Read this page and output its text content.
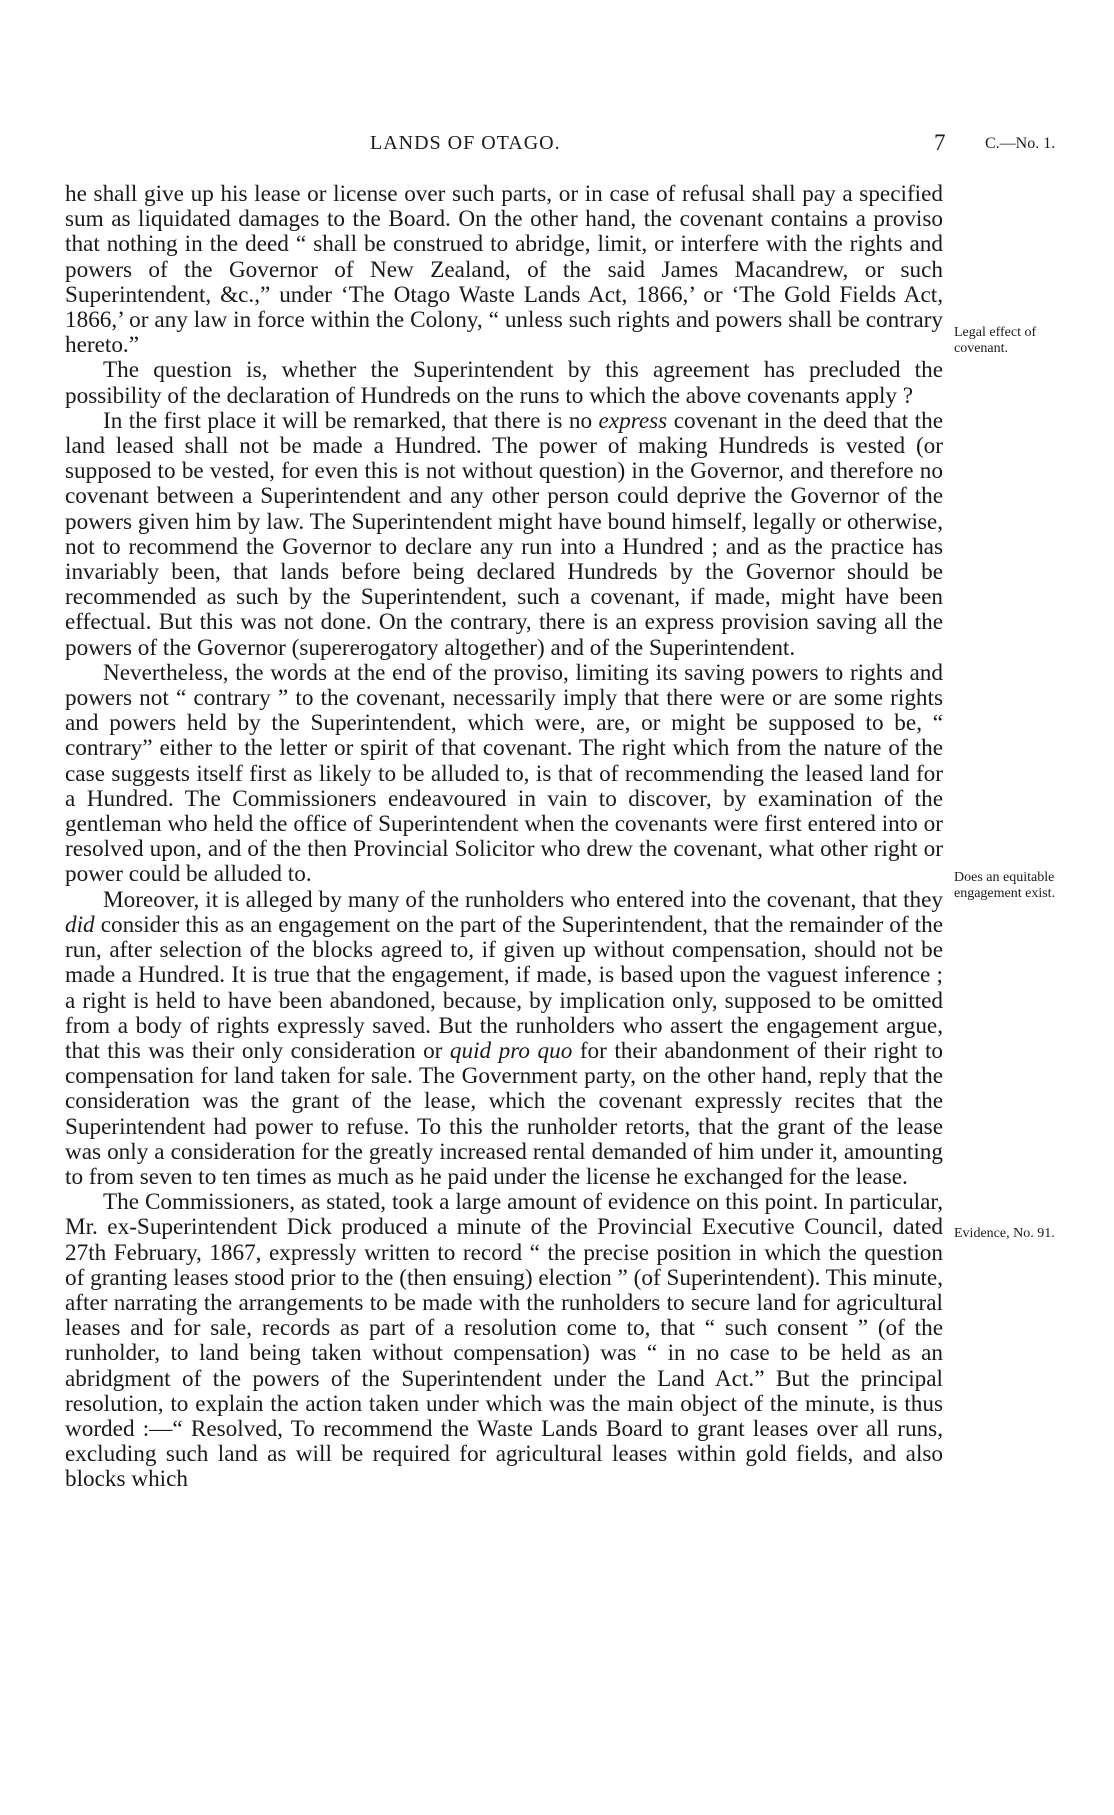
LANDS OF OTAGO.	7 C.—No. 1.

he shall give up his lease or license over such parts, or in case of refusal shall pay a specified sum as liquidated damages to the Board. On the other hand, the covenant contains a proviso that nothing in the deed “ shall be construed to abridge, limit, or interfere with the rights and powers of the Governor of New Zealand, of the said James Macandrew, or such Superintendent, &c.,” under ‘The Otago Waste Lands Act, 1866,’ or ‘The Gold Fields Act, 1866,’ or any law in force within the Colony, “ unless such rights and powers shall be contrary hereto.”

The question is, whether the Superintendent by this agreement has precluded the possibility of the declaration of Hundreds on the runs to which the above covenants apply ?

In the first place it will be remarked, that there is no express covenant in the deed that the land leased shall not be made a Hundred. The power of making Hundreds is vested (or supposed to be vested, for even this is not without question) in the Governor, and therefore no covenant between a Superintendent and any other person could deprive the Governor of the powers given him by law. The Superintendent might have bound himself, legally or otherwise, not to recommend the Governor to declare any run into a Hundred ; and as the practice has invariably been, that lands before being declared Hundreds by the Governor should be recommended as such by the Superintendent, such a covenant, if made, might have been effectual. But this was not done. On the contrary, there is an express provision saving all the powers of the Governor (supererogatory altogether) and of the Superintendent.

Nevertheless, the words at the end of the proviso, limiting its saving powers to rights and powers not “ contrary ” to the covenant, necessarily imply that there were or are some rights and powers held by the Superintendent, which were, are, or might be supposed to be, “ contrary” either to the letter or spirit of that covenant. The right which from the nature of the case suggests itself first as likely to be alluded to, is that of recommending the leased land for a Hundred. The Commissioners endeavoured in vain to discover, by examination of the gentleman who held the office of Superintendent when the covenants were first entered into or resolved upon, and of the then Provincial Solicitor who drew the covenant, what other right or power could be alluded to.

Moreover, it is alleged by many of the runholders who entered into the covenant, that they did consider this as an engagement on the part of the Superintendent, that the remainder of the run, after selection of the blocks agreed to, if given up without compensation, should not be made a Hundred. It is true that the engagement, if made, is based upon the vaguest inference ; a right is held to have been abandoned, because, by implication only, supposed to be omitted from a body of rights expressly saved. But the runholders who assert the engagement argue, that this was their only consideration or quid pro quo for their abandonment of their right to compensation for land taken for sale. The Government party, on the other hand, reply that the consideration was the grant of the lease, which the covenant expressly recites that the Superintendent had power to refuse. To this the runholder retorts, that the grant of the lease was only a consideration for the greatly increased rental demanded of him under it, amounting to from seven to ten times as much as he paid under the license he exchanged for the lease.

The Commissioners, as stated, took a large amount of evidence on this point. In particular, Mr. ex-Superintendent Dick produced a minute of the Provincial Executive Council, dated 27th February, 1867, expressly written to record “ the precise position in which the question of granting leases stood prior to the (then ensuing) election ” (of Superintendent). This minute, after narrating the arrangements to be made with the runholders to secure land for agricultural leases and for sale, records as part of a resolution come to, that “ such consent ” (of the runholder, to land being taken without compensation) was “ in no case to be held as an abridgment of the powers of the Superintendent under the Land Act.” But the principal resolution, to explain the action taken under which was the main object of the minute, is thus worded :—“ Resolved, To recommend the Waste Lands Board to grant leases over all runs, excluding such land as will be required for agricultural leases within gold fields, and also blocks which

Legal effect of
covenant.
Does an equitable
engagement exist.
Evidence, No. 91.
